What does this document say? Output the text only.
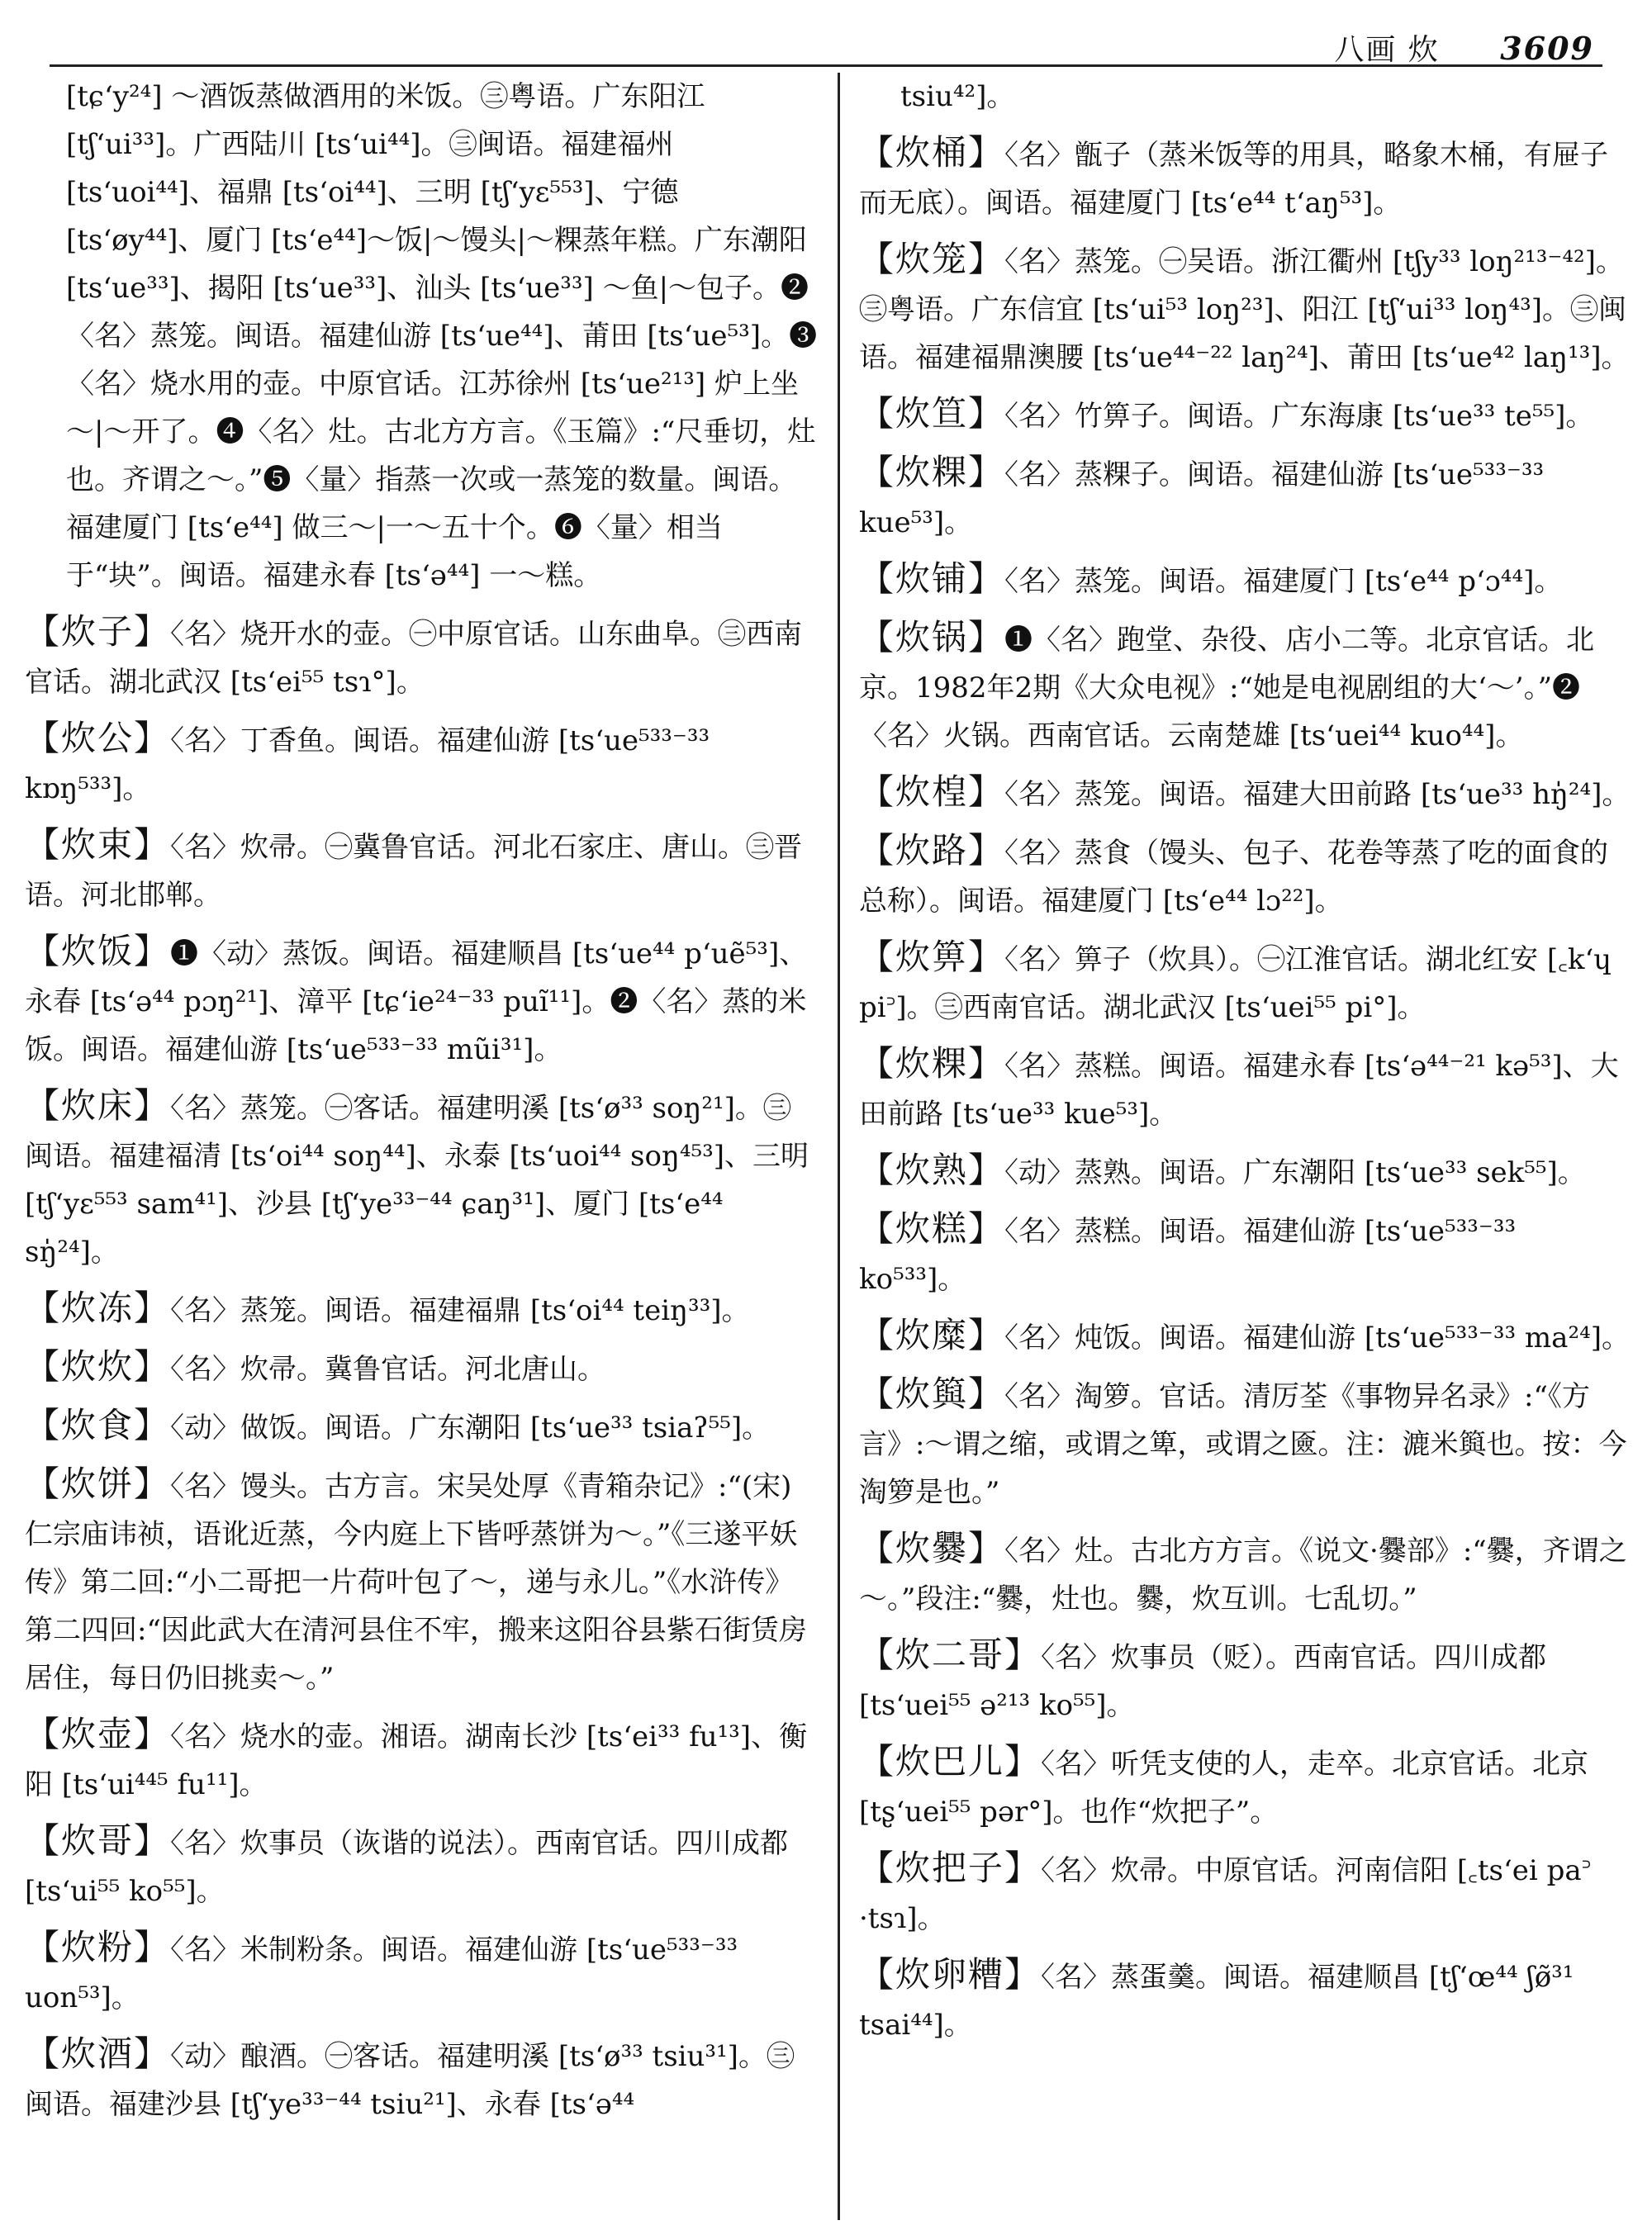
八画 炊 3609
[tɕʻy²⁴] ～酒饭蒸做酒用的米饭。㊂粤语。广东阳江 [tʃʻui³³]。广西陆川 [tsʻui⁴⁴]。㊂闽语。福建福州 [tsʻuoi⁴⁴]、福鼎 [tsʻoi⁴⁴]、三明 [tʃʻyɛ⁵⁵³]、宁德 [tsʻøy⁴⁴]、厦门 [tsʻe⁴⁴]～饭|～馒头|～粿蒸年糕。广东潮阳 [tsʻue³³]、揭阳 [tsʻue³³]、汕头 [tsʻue³³] ～鱼|～包子。❷〈名〉蒸笼。闽语。福建仙游 [tsʻue⁴⁴]、莆田 [tsʻue⁵³]。❸〈名〉烧水用的壶。中原官话。江苏徐州 [tsʻue²¹³] 炉上坐～|～开了。❹〈名〉灶。古北方方言。《玉篇》:“尺垂切，灶也。齐谓之～。”❺〈量〉指蒸一次或一蒸笼的数量。闽语。福建厦门 [tsʻe⁴⁴] 做三～|一～五十个。❻〈量〉相当于“块”。闽语。福建永春 [tsʻə⁴⁴] 一～糕。
【炊子】〈名〉烧开水的壶。㊀中原官话。山东曲阜。㊂西南官话。湖北武汉 [tsʻei⁵⁵ tsɿ°]。
【炊公】〈名〉丁香鱼。闽语。福建仙游 [tsʻue⁵³³⁻³³ kɒŋ⁵³³]。
【炊束】〈名〉炊帚。㊀冀鲁官话。河北石家庄、唐山。㊂晋语。河北邯郸。
【炊饭】❶〈动〉蒸饭。闽语。福建顺昌 [tsʻue⁴⁴ pʻuẽ⁵³]、永春 [tsʻə⁴⁴ pɔŋ²¹]、漳平 [tɕʻie²⁴⁻³³ puĩ¹¹]。❷〈名〉蒸的米饭。闽语。福建仙游 [tsʻue⁵³³⁻³³ mũi³¹]。
【炊床】〈名〉蒸笼。㊀客话。福建明溪 [tsʻø³³ soŋ²¹]。㊂闽语。福建福清 [tsʻoi⁴⁴ soŋ⁴⁴]、永泰 [tsʻuoi⁴⁴ soŋ⁴⁵³]、三明 [tʃʻyɛ⁵⁵³ sam⁴¹]、沙县 [tʃʻye³³⁻⁴⁴ ɕaŋ³¹]、厦门 [tsʻe⁴⁴ sŋ̍²⁴]。
【炊冻】〈名〉蒸笼。闽语。福建福鼎 [tsʻoi⁴⁴ teiŋ³³]。
【炊炊】〈名〉炊帚。冀鲁官话。河北唐山。
【炊食】〈动〉做饭。闽语。广东潮阳 [tsʻue³³ tsiaʔ⁵⁵]。
【炊饼】〈名〉馒头。古方言。宋吴处厚《青箱杂记》:“(宋)仁宗庙讳祯，语讹近蒸，今内庭上下皆呼蒸饼为～。”《三遂平妖传》第二回:“小二哥把一片荷叶包了～，递与永儿。”《水浒传》第二四回:“因此武大在清河县住不牢，搬来这阳谷县紫石街赁房居住，每日仍旧挑卖～。”
【炊壶】〈名〉烧水的壶。湘语。湖南长沙 [tsʻei³³ fu¹³]、衡阳 [tsʻui⁴⁴⁵ fu¹¹]。
【炊哥】〈名〉炊事员（诙谐的说法）。西南官话。四川成都 [tsʻui⁵⁵ ko⁵⁵]。
【炊粉】〈名〉米制粉条。闽语。福建仙游 [tsʻue⁵³³⁻³³ uon⁵³]。
【炊酒】〈动〉酿酒。㊀客话。福建明溪 [tsʻø³³ tsiu³¹]。㊂闽语。福建沙县 [tʃʻye³³⁻⁴⁴ tsiu²¹]、永春 [tsʻə⁴⁴
tsiu⁴²]。
【炊桶】〈名〉甑子（蒸米饭等的用具，略象木桶，有屉子而无底）。闽语。福建厦门 [tsʻe⁴⁴ tʻaŋ⁵³]。
【炊笼】〈名〉蒸笼。㊀吴语。浙江衢州 [tʃy³³ loŋ²¹³⁻⁴²]。㊂粤语。广东信宜 [tsʻui⁵³ loŋ²³]、阳江 [tʃʻui³³ loŋ⁴³]。㊂闽语。福建福鼎澳腰 [tsʻue⁴⁴⁻²² laŋ²⁴]、莆田 [tsʻue⁴² laŋ¹³]。
【炊笪】〈名〉竹箅子。闽语。广东海康 [tsʻue³³ te⁵⁵]。
【炊粿】〈名〉蒸粿子。闽语。福建仙游 [tsʻue⁵³³⁻³³ kue⁵³]。
【炊铺】〈名〉蒸笼。闽语。福建厦门 [tsʻe⁴⁴ pʻɔ⁴⁴]。
【炊锅】❶〈名〉跑堂、杂役、店小二等。北京官话。北京。1982年2期《大众电视》:“她是电视剧组的大‘～’。”❷〈名〉火锅。西南官话。云南楚雄 [tsʻuei⁴⁴ kuo⁴⁴]。
【炊楻】〈名〉蒸笼。闽语。福建大田前路 [tsʻue³³ hŋ̍²⁴]。
【炊路】〈名〉蒸食（馒头、包子、花卷等蒸了吃的面食的总称）。闽语。福建厦门 [tsʻe⁴⁴ lɔ²²]。
【炊箅】〈名〉箅子（炊具）。㊀江淮官话。湖北红安 [꜀kʻɥ pi꜄]。㊂西南官话。湖北武汉 [tsʻuei⁵⁵ pi°]。
【炊粿】〈名〉蒸糕。闽语。福建永春 [tsʻə⁴⁴⁻²¹ kə⁵³]、大田前路 [tsʻue³³ kue⁵³]。
【炊熟】〈动〉蒸熟。闽语。广东潮阳 [tsʻue³³ sek⁵⁵]。
【炊糕】〈名〉蒸糕。闽语。福建仙游 [tsʻue⁵³³⁻³³ ko⁵³³]。
【炊糜】〈名〉炖饭。闽语。福建仙游 [tsʻue⁵³³⁻³³ ma²⁴]。
【炊籅】〈名〉淘箩。官话。清厉荃《事物异名录》:“《方言》:～谓之缩，或谓之箄，或谓之匳。注：漉米籅也。按：今淘箩是也。”
【炊爨】〈名〉灶。古北方方言。《说文·爨部》:“爨，齐谓之～。”段注:“爨，灶也。爨，炊互训。七乱切。”
【炊二哥】〈名〉炊事员（贬）。西南官话。四川成都 [tsʻuei⁵⁵ ə²¹³ ko⁵⁵]。
【炊巴儿】〈名〉听凭支使的人，走卒。北京官话。北京 [tʂʻuei⁵⁵ pər°]。也作“炊把子”。
【炊把子】〈名〉炊帚。中原官话。河南信阳 [꜀tsʻei pa꜄ ·tsɿ]。
【炊卵糟】〈名〉蒸蛋羹。闽语。福建顺昌 [tʃʻœ⁴⁴ ʃø̃³¹ tsai⁴⁴]。
